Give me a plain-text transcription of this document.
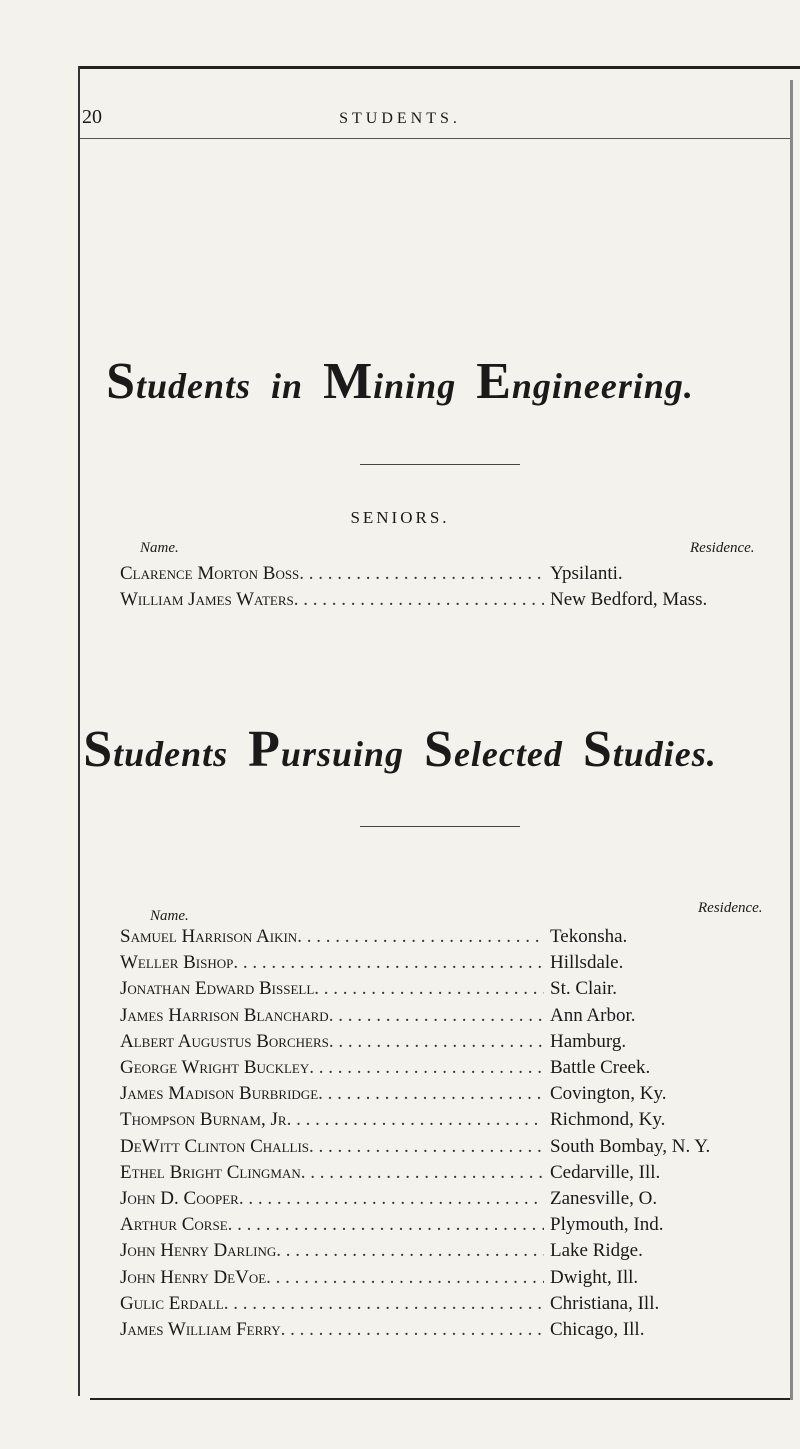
20	STUDENTS.
Students in Mining Engineering.
SENIORS.
Name.	Residence.
Clarence Morton Boss . . .	Ypsilanti.
William James Waters . . .	New Bedford, Mass.
Students Pursuing Selected Studies.
Name.	Residence.
Samuel Harrison Aikin . . .	Tekonsha.
Weller Bishop . . .	Hillsdale.
Jonathan Edward Bissell . . .	St. Clair.
James Harrison Blanchard . . .	Ann Arbor.
Albert Augustus Borchers . . .	Hamburg.
George Wright Buckley . . .	Battle Creek.
James Madison Burbridge . . .	Covington, Ky.
Thompson Burnam, Jr . . .	Richmond, Ky.
DeWitt Clinton Challis . . .	South Bombay, N. Y.
Ethel Bright Clingman . . .	Cedarville, Ill.
John D. Cooper . . .	Zanesville, O.
Arthur Corse . . .	Plymouth, Ind.
John Henry Darling . . .	Lake Ridge.
John Henry DeVoe . . .	Dwight, Ill.
Gulic Erdall . . .	Christiana, Ill.
James William Ferry . . .	Chicago, Ill.
